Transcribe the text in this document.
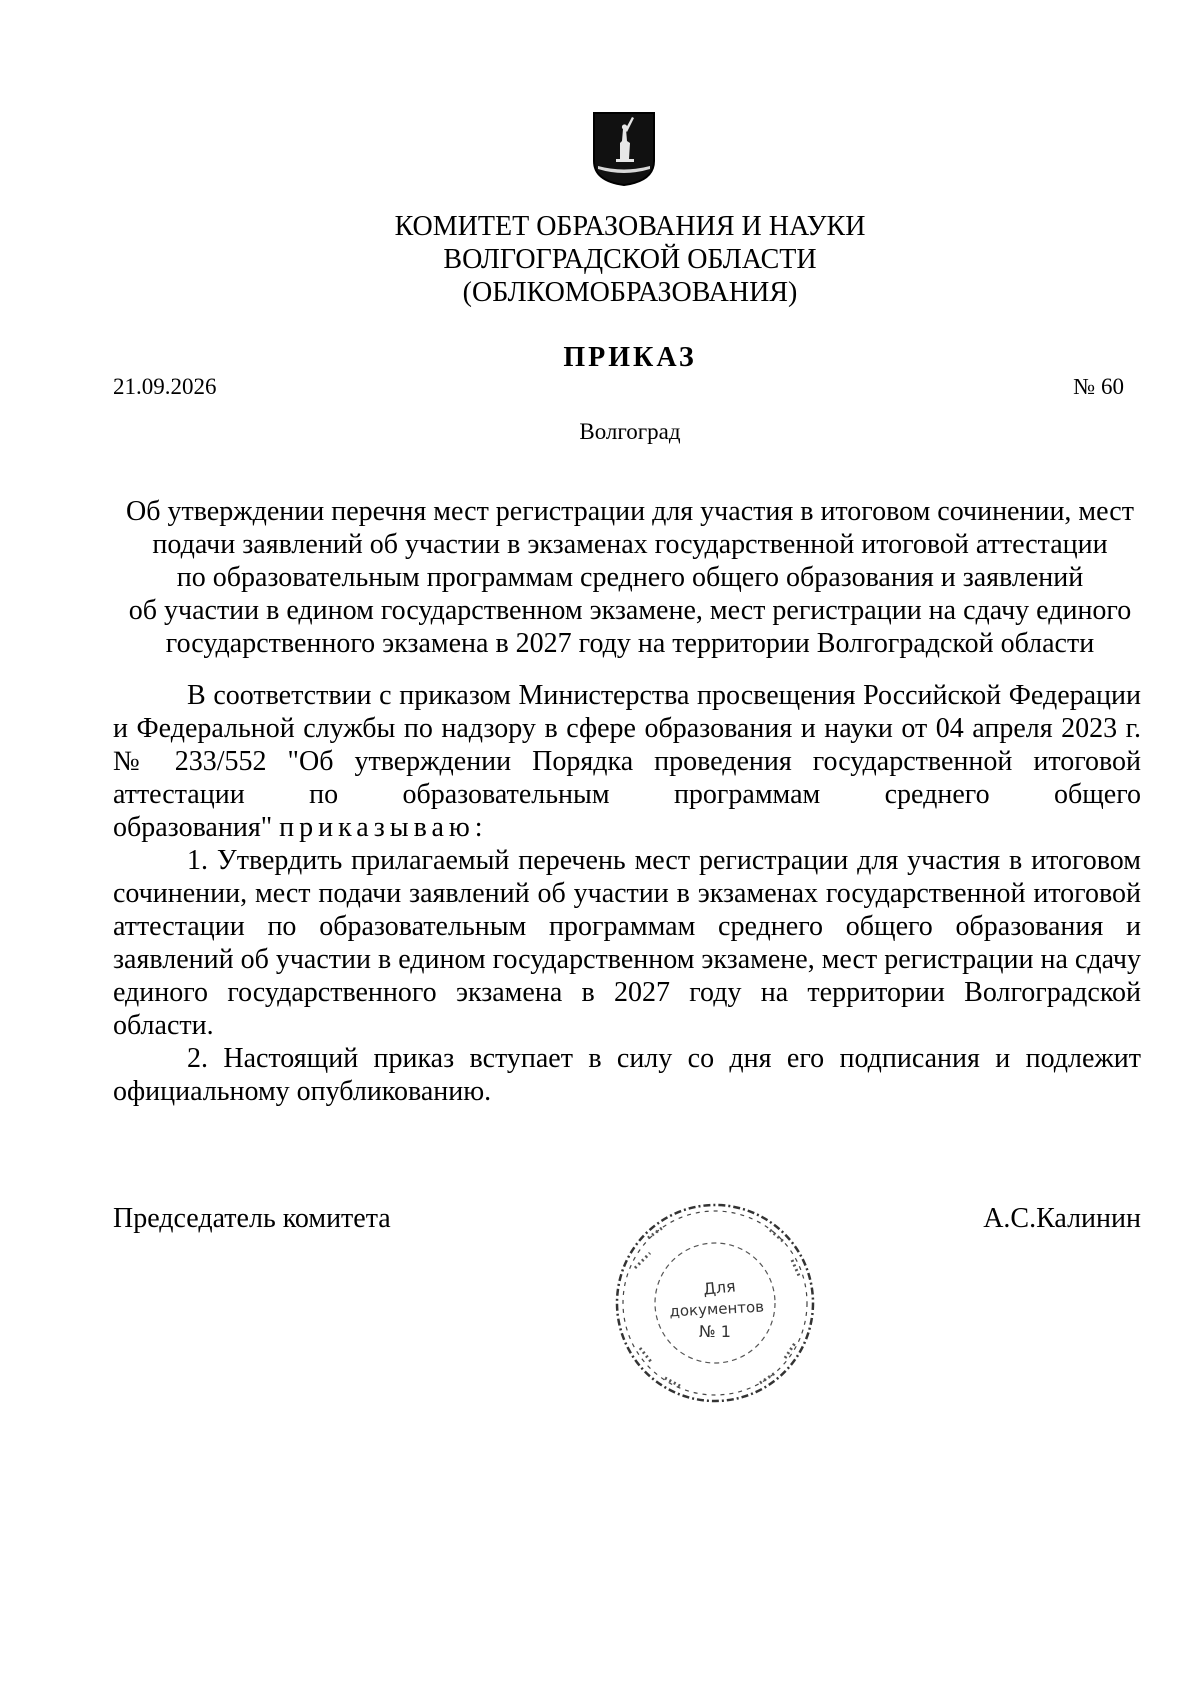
КОМИТЕТ ОБРАЗОВАНИЯ И НАУКИ
ВОЛГОГРАДСКОЙ ОБЛАСТИ
(ОБЛКОМОБРАЗОВАНИЯ)
ПРИКАЗ
21.09.2026	№ 60
Волгоград
Об утверждении перечня мест регистрации для участия в итоговом сочинении, мест
подачи заявлений об участии в экзаменах государственной итоговой аттестации
по образовательным программам среднего общего образования и заявлений
об участии в едином государственном экзамене, мест регистрации на сдачу единого
государственного экзамена в 2027 году на территории Волгоградской области

В соответствии с приказом Министерства просвещения Российской Федерации и Федеральной службы по надзору в сфере образования и науки от 04 апреля 2023 г. № 233/552 "Об утверждении Порядка проведения государственной итоговой аттестации по образовательным программам среднего общего образования" приказываю:

1. Утвердить прилагаемый перечень мест регистрации для участия в итоговом сочинении, мест подачи заявлений об участии в экзаменах государственной итоговой аттестации по образовательным программам среднего общего образования и заявлений об участии в едином государственном экзамене, мест регистрации на сдачу единого государственного экзамена в 2027 году на территории Волгоградской области.

2. Настоящий приказ вступает в силу со дня его подписания и подлежит официальному опубликованию.

Председатель комитета	А.С.Калинин
Для
документов
№ 1
